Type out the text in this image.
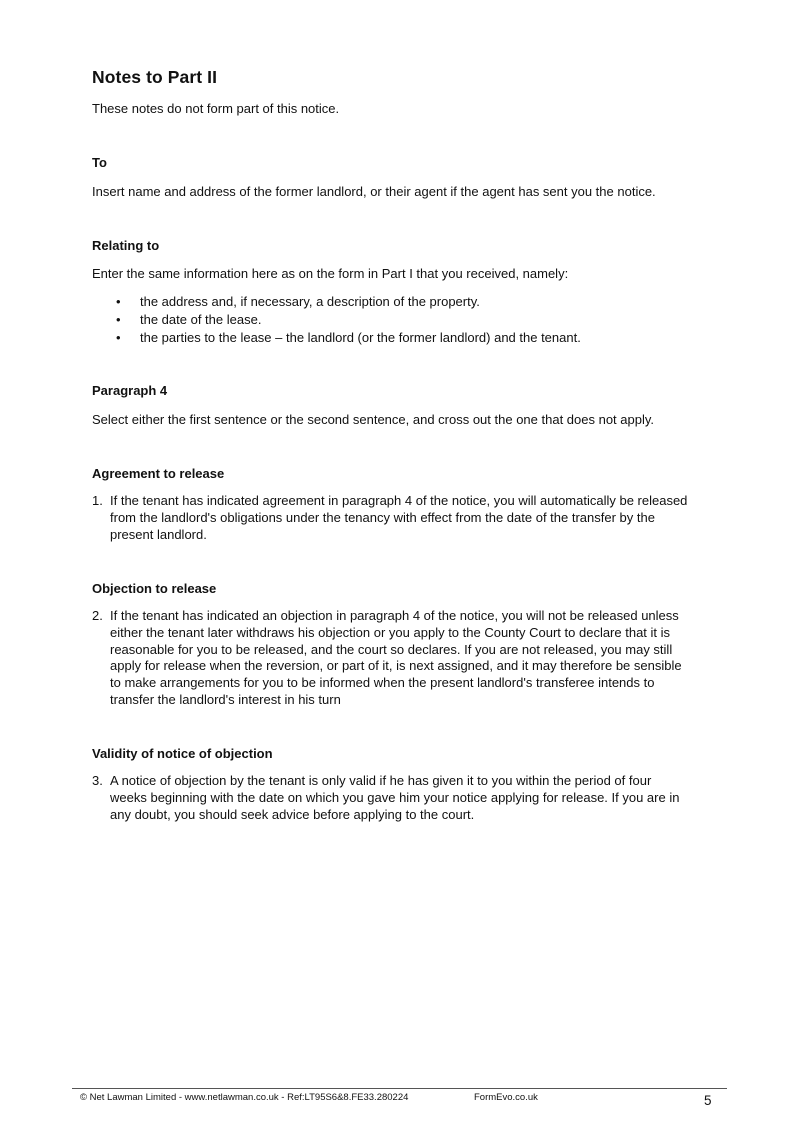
Notes to Part II

These notes do not form part of this notice.

To

Insert name and address of the former landlord, or their agent if the agent has sent you the notice.

Relating to

Enter the same information here as on the form in Part I that you received, namely:

• the address and, if necessary, a description of the property.
• the date of the lease.
• the parties to the lease – the landlord (or the former landlord) and the tenant.
Paragraph 4

Select either the first sentence or the second sentence, and cross out the one that does not apply.

Agreement to release
1. If the tenant has indicated agreement in paragraph 4 of the notice, you will automatically be released
from the landlord's obligations under the tenancy with effect from the date of the transfer by the
present landlord.
Objection to release
2. If the tenant has indicated an objection in paragraph 4 of the notice, you will not be released unless
either the tenant later withdraws his objection or you apply to the County Court to declare that it is
reasonable for you to be released, and the court so declares. If you are not released, you may still
apply for release when the reversion, or part of it, is next assigned, and it may therefore be sensible
to make arrangements for you to be informed when the present landlord's transferee intends to
transfer the landlord's interest in his turn
Validity of notice of objection
3. A notice of objection by the tenant is only valid if he has given it to you within the period of four
weeks beginning with the date on which you gave him your notice applying for release. If you are in
any doubt, you should seek advice before applying to the court.
© Net Lawman Limited - www.netlawman.co.uk - Ref:LT95S6&8.FE33.280224	FormEvo.co.uk	5
